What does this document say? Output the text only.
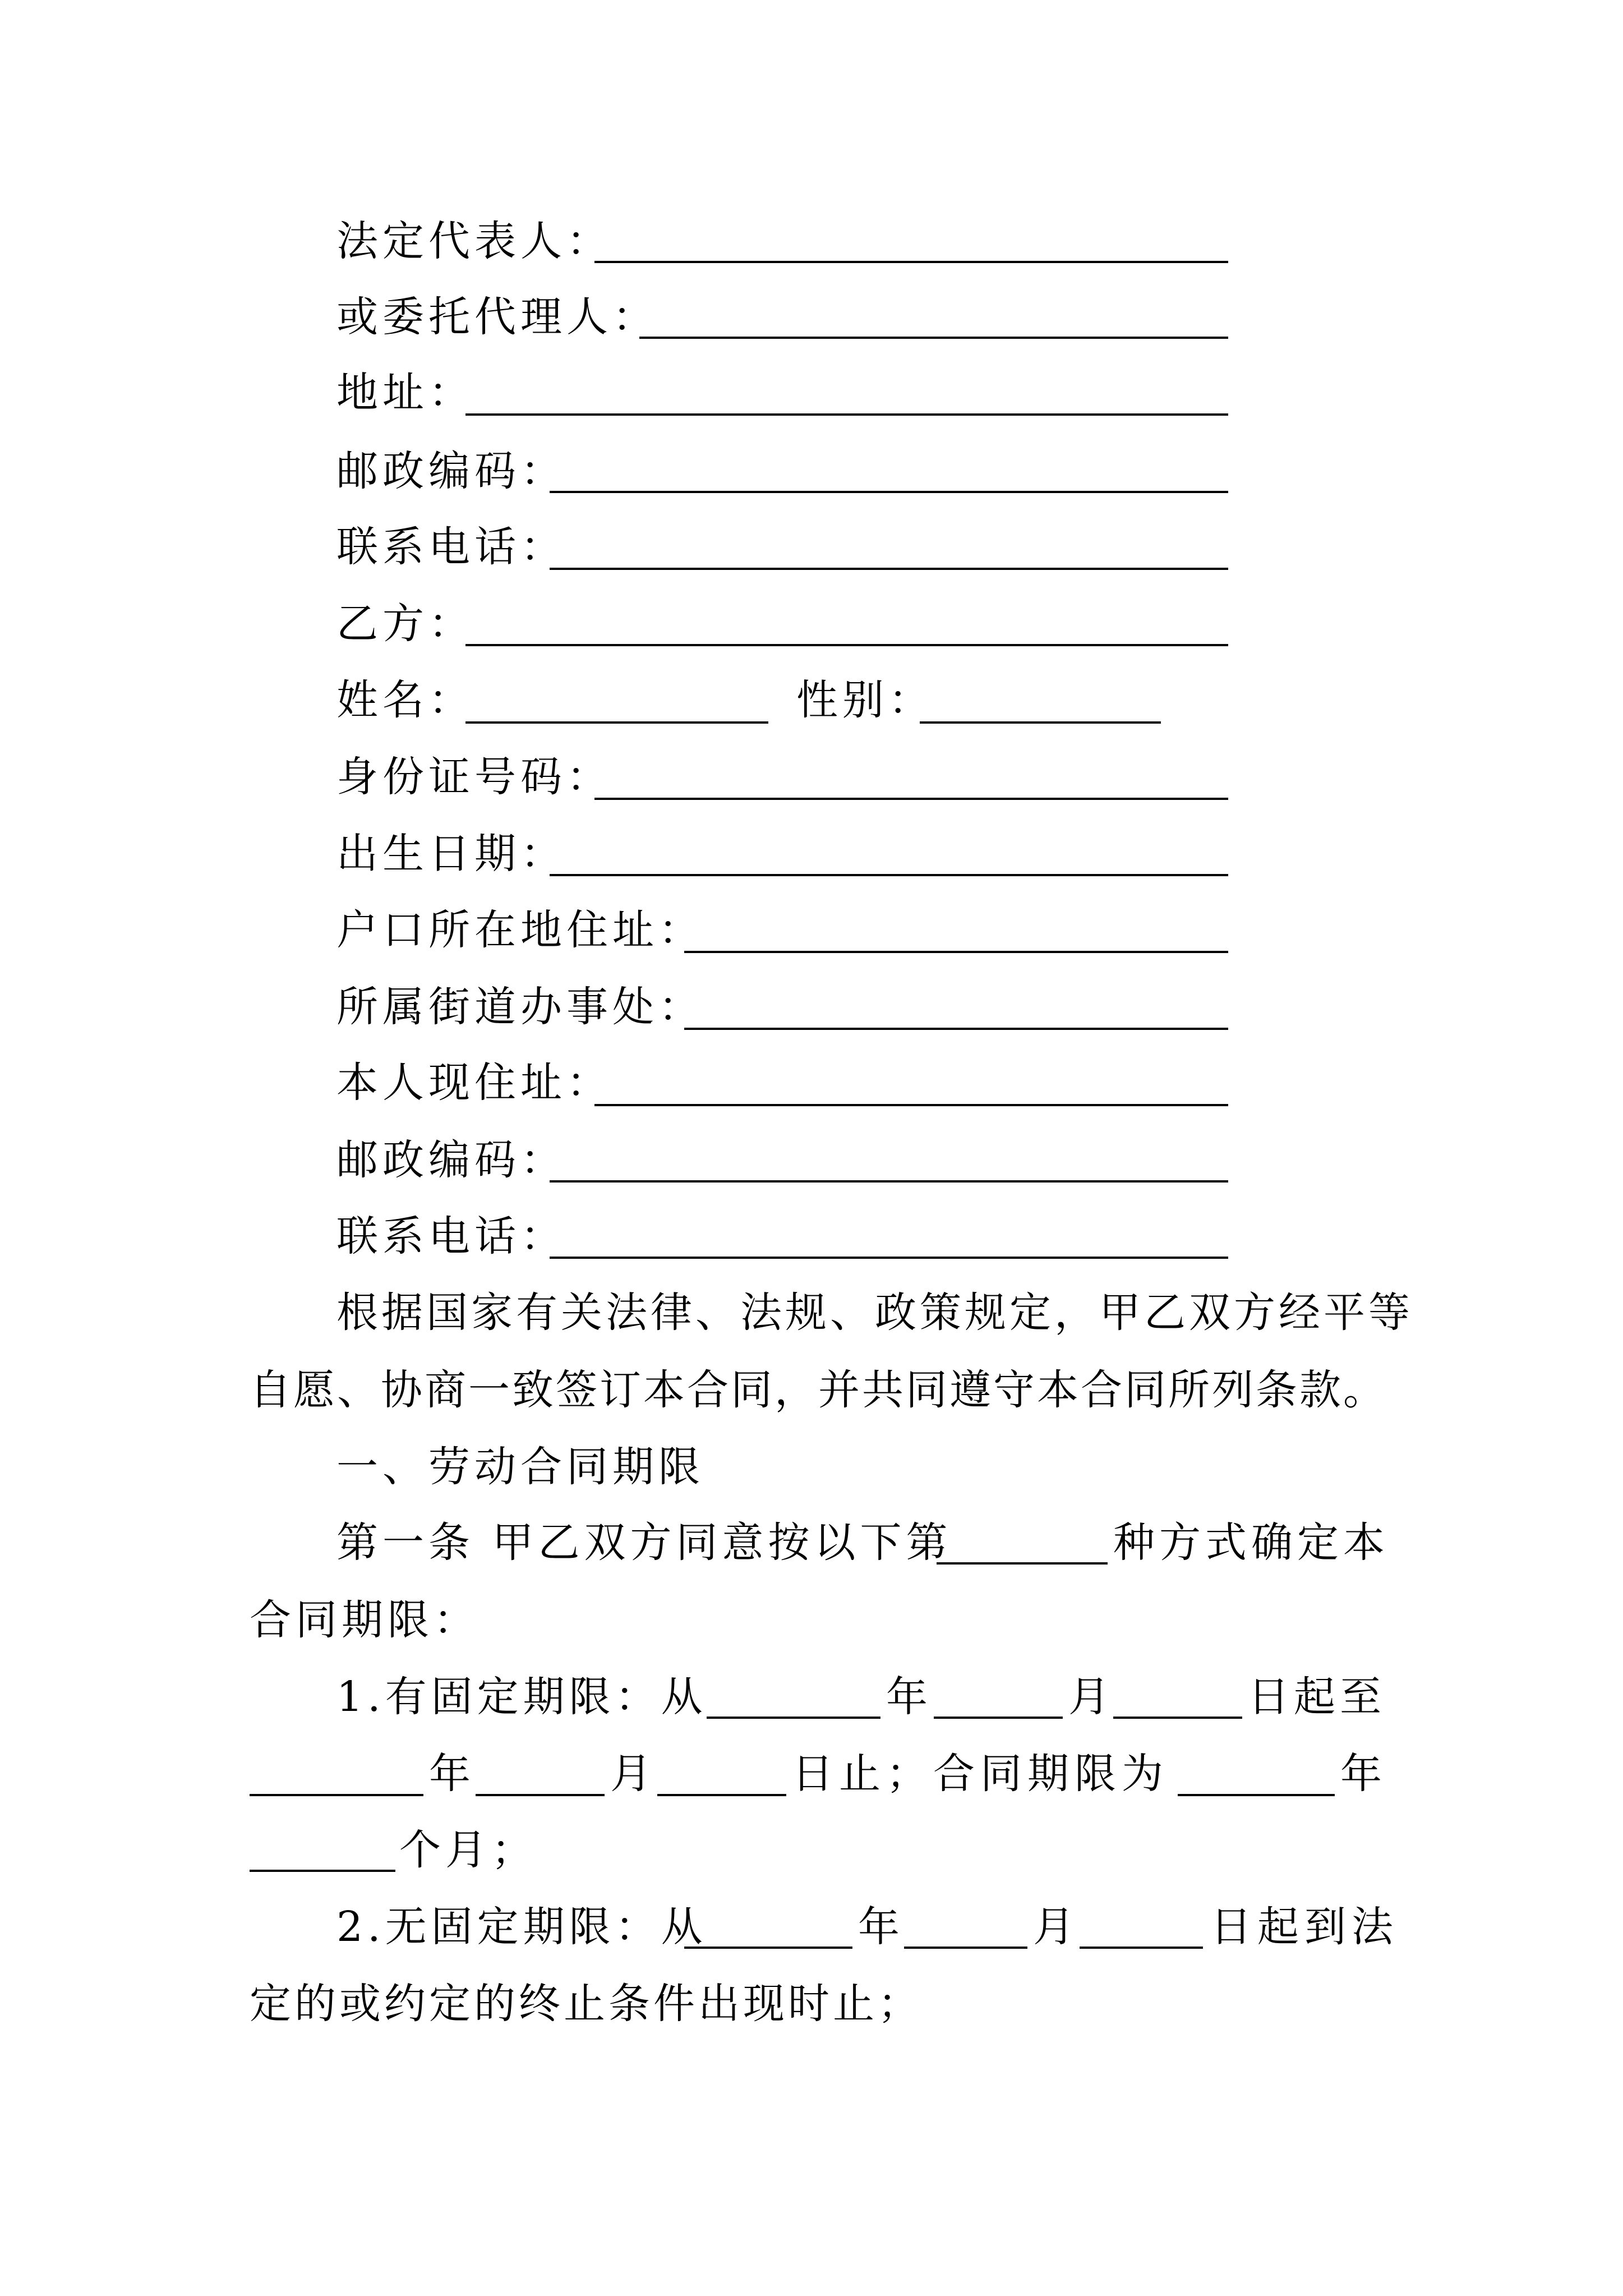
法定代表人：
或委托代理人：
地址：
邮政编码：
联系电话：
乙方：
姓名：	性别：
身份证号码：
出生日期：
户口所在地住址：
所属街道办事处：
本人现住址：
邮政编码：
联系电话：
根据国家有关法律、法规、政策规定，甲乙双方经平等
自愿、协商一致签订本合同，并共同遵守本合同所列条款。
一、劳动合同期限
第一条 甲乙双方同意按以下第	种方式确定本
合同期限：
1.有固定期限：从	年	月	日起至
年	月	日止；合同期限为	年
个月；
2.无固定期限：从	年	月	日起到法
定的或约定的终止条件出现时止；
